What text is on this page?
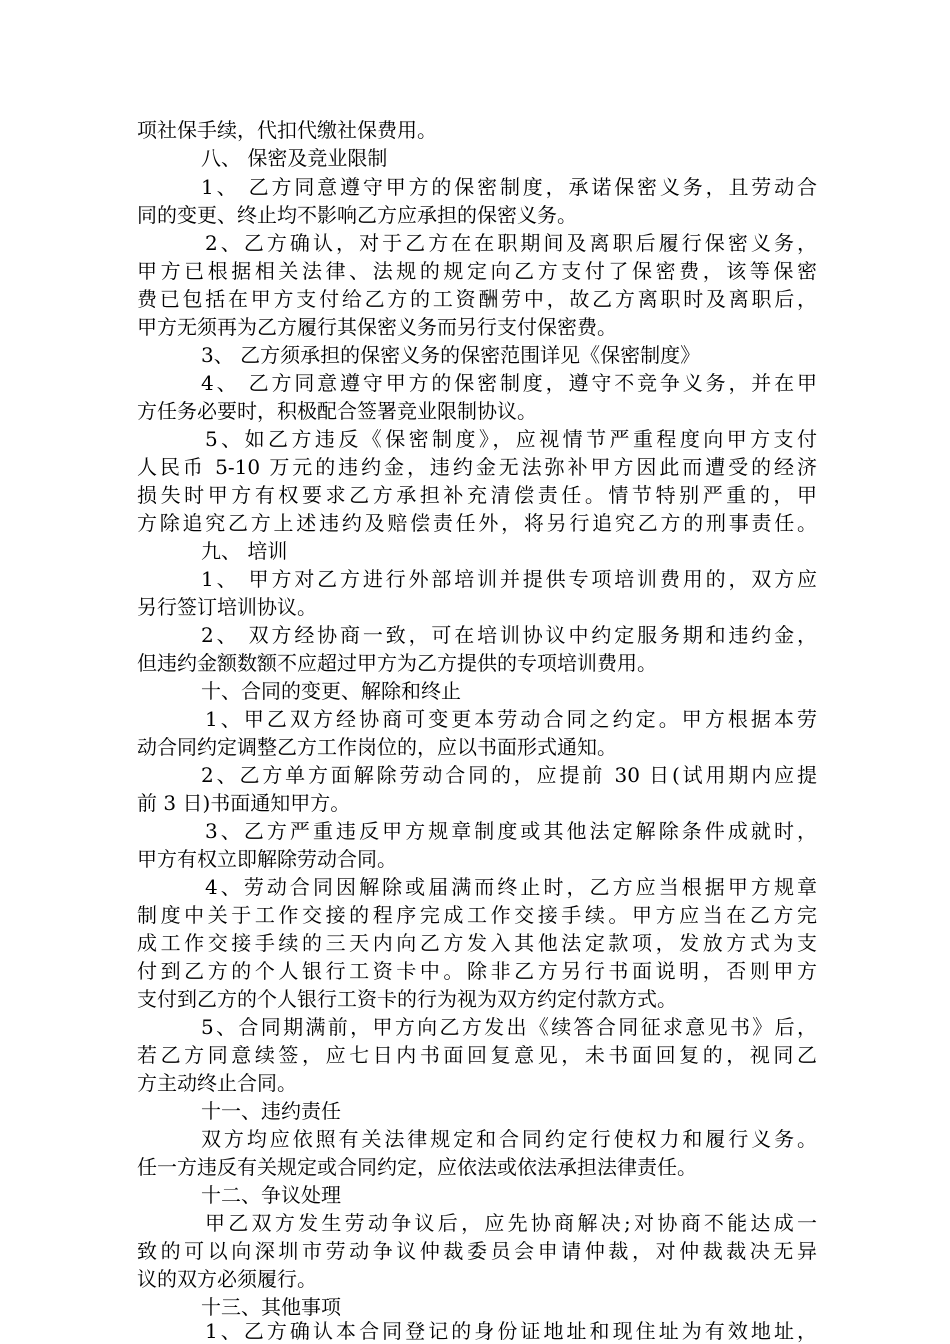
项社保手续，代扣代缴社保费用。
八、 保密及竞业限制
1、 乙方同意遵守甲方的保密制度，承诺保密义务，且劳动合
同的变更、终止均不影响乙方应承担的保密义务。
2、乙方确认，对于乙方在在职期间及离职后履行保密义务，
甲方已根据相关法律、法规的规定向乙方支付了保密费，该等保密
费已包括在甲方支付给乙方的工资酬劳中，故乙方离职时及离职后，
甲方无须再为乙方履行其保密义务而另行支付保密费。
3、 乙方须承担的保密义务的保密范围详见《保密制度》
4、 乙方同意遵守甲方的保密制度，遵守不竞争义务，并在甲
方任务必要时，积极配合签署竞业限制协议。
5、如乙方违反《保密制度》，应视情节严重程度向甲方支付
人民币 5-10 万元的违约金，违约金无法弥补甲方因此而遭受的经济
损失时甲方有权要求乙方承担补充清偿责任。情节特别严重的，甲
方除追究乙方上述违约及赔偿责任外，将另行追究乙方的刑事责任。
九、 培训
1、 甲方对乙方进行外部培训并提供专项培训费用的，双方应
另行签订培训协议。
2、 双方经协商一致，可在培训协议中约定服务期和违约金，
但违约金额数额不应超过甲方为乙方提供的专项培训费用。
十、合同的变更、解除和终止
1、甲乙双方经协商可变更本劳动合同之约定。甲方根据本劳
动合同约定调整乙方工作岗位的，应以书面形式通知。
2、乙方单方面解除劳动合同的，应提前 30 日(试用期内应提
前 3 日)书面通知甲方。
3、乙方严重违反甲方规章制度或其他法定解除条件成就时，
甲方有权立即解除劳动合同。
4、劳动合同因解除或届满而终止时，乙方应当根据甲方规章
制度中关于工作交接的程序完成工作交接手续。甲方应当在乙方完
成工作交接手续的三天内向乙方发入其他法定款项，发放方式为支
付到乙方的个人银行工资卡中。除非乙方另行书面说明，否则甲方
支付到乙方的个人银行工资卡的行为视为双方约定付款方式。
5、合同期满前，甲方向乙方发出《续答合同征求意见书》后，
若乙方同意续签，应七日内书面回复意见，未书面回复的，视同乙
方主动终止合同。
十一、违约责任
双方均应依照有关法律规定和合同约定行使权力和履行义务。
任一方违反有关规定或合同约定，应依法或依法承担法律责任。
十二、争议处理
甲乙双方发生劳动争议后，应先协商解决;对协商不能达成一
致的可以向深圳市劳动争议仲裁委员会申请仲裁，对仲裁裁决无异
议的双方必须履行。
十三、其他事项
1、乙方确认本合同登记的身份证地址和现住址为有效地址，
